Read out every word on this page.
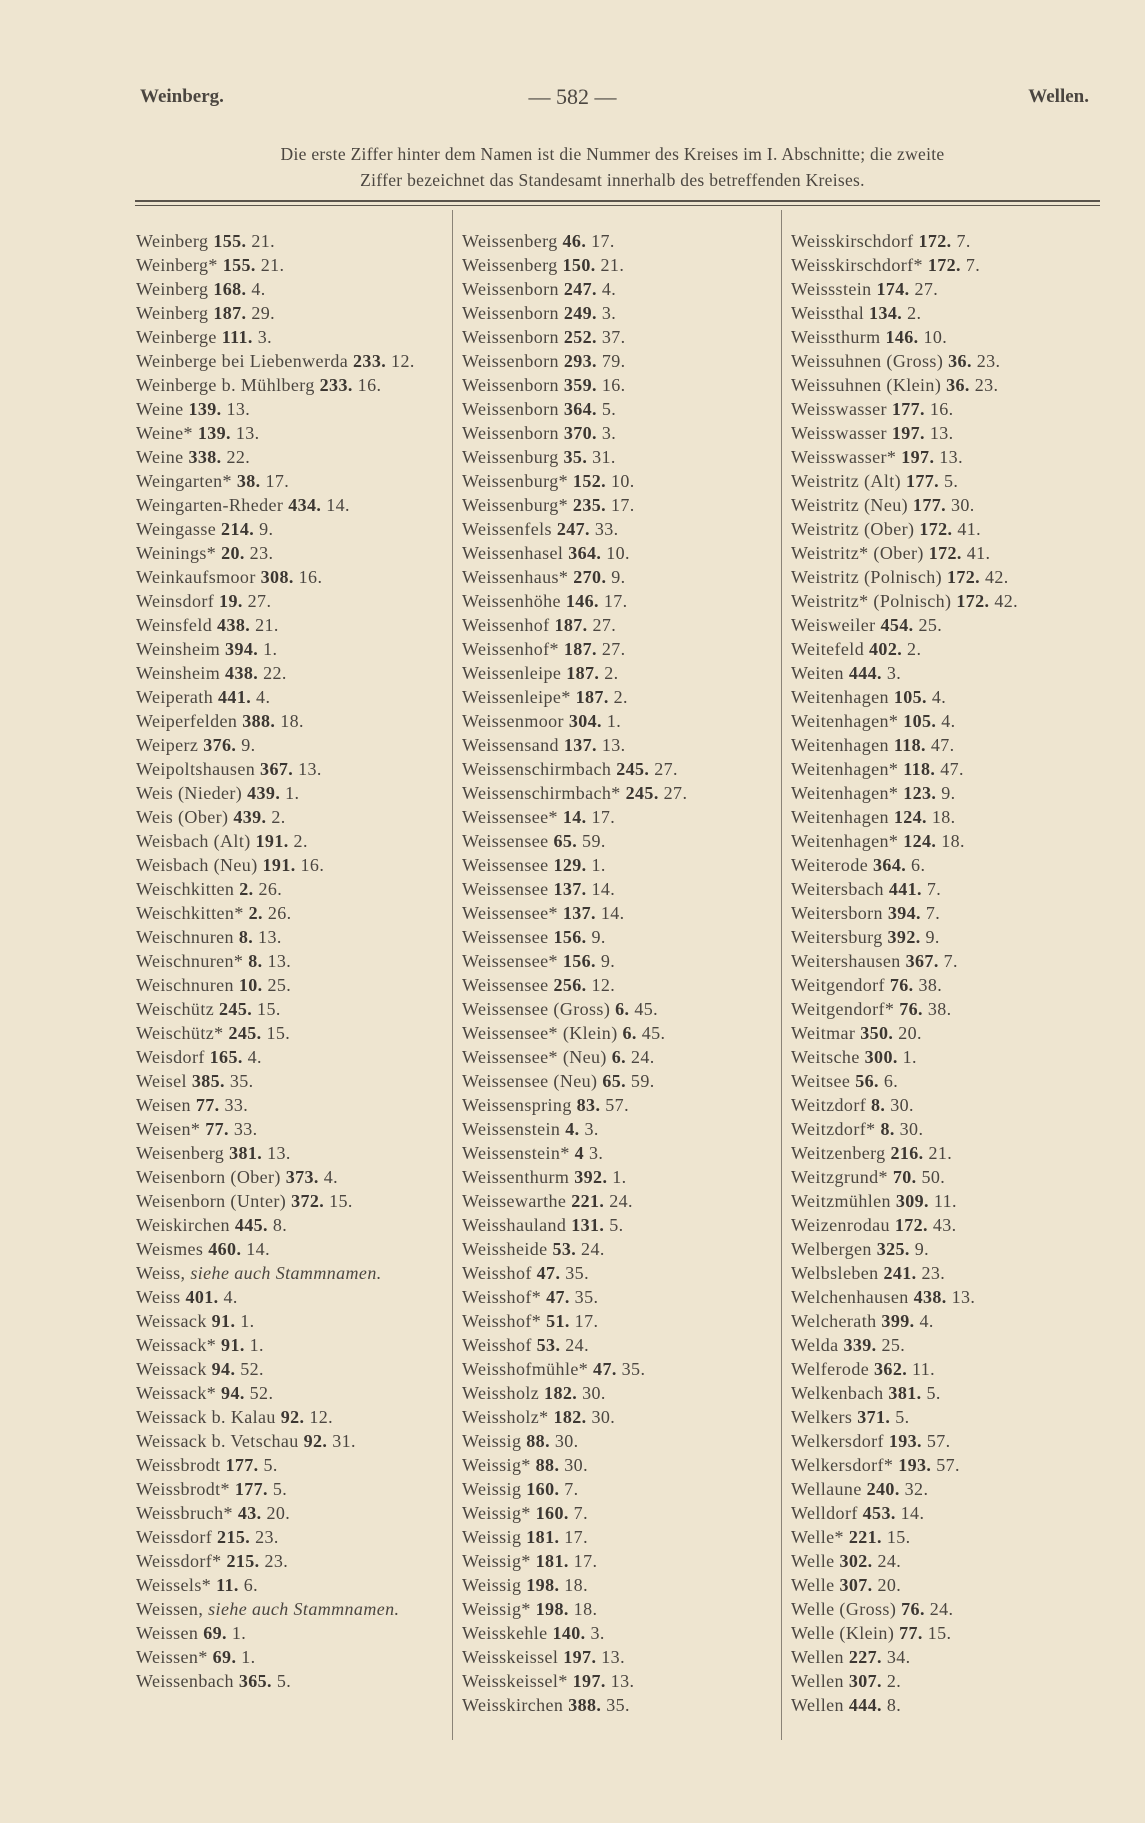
Weinberg.	— 582 —	Wellen.
Die erste Ziffer hinter dem Namen ist die Nummer des Kreises im I. Abschnitte; die zweite
Ziffer bezeichnet das Standesamt innerhalb des betreffenden Kreises.
Weinberg 155. 21.
Weinberg* 155. 21.
Weinberg 168. 4.
Weinberg 187. 29.
Weinberge 111. 3.
Weinberge bei Liebenwerda 233. 12.
Weinberge b. Mühlberg 233. 16.
Weine 139. 13.
Weine* 139. 13.
Weine 338. 22.
Weingarten* 38. 17.
Weingarten-Rheder 434. 14.
Weingasse 214. 9.
Weinings* 20. 23.
Weinkaufsmoor 308. 16.
Weinsdorf 19. 27.
Weinsfeld 438. 21.
Weinsheim 394. 1.
Weinsheim 438. 22.
Weiperath 441. 4.
Weiperfelden 388. 18.
Weiperz 376. 9.
Weipoltshausen 367. 13.
Weis (Nieder) 439. 1.
Weis (Ober) 439. 2.
Weisbach (Alt) 191. 2.
Weisbach (Neu) 191. 16.
Weischkitten 2. 26.
Weischkitten* 2. 26.
Weischnuren 8. 13.
Weischnuren* 8. 13.
Weischnuren 10. 25.
Weischütz 245. 15.
Weischütz* 245. 15.
Weisdorf 165. 4.
Weisel 385. 35.
Weisen 77. 33.
Weisen* 77. 33.
Weisenberg 381. 13.
Weisenborn (Ober) 373. 4.
Weisenborn (Unter) 372. 15.
Weiskirchen 445. 8.
Weismes 460. 14.
Weiss, siehe auch Stammnamen.
Weiss 401. 4.
Weissack 91. 1.
Weissack* 91. 1.
Weissack 94. 52.
Weissack* 94. 52.
Weissack b. Kalau 92. 12.
Weissack b. Vetschau 92. 31.
Weissbrodt 177. 5.
Weissbrodt* 177. 5.
Weissbruch* 43. 20.
Weissdorf 215. 23.
Weissdorf* 215. 23.
Weissels* 11. 6.
Weissen, siehe auch Stammnamen.
Weissen 69. 1.
Weissen* 69. 1.
Weissenbach 365. 5.
Weissenberg 46. 17.
Weissenberg 150. 21.
Weissenborn 247. 4.
Weissenborn 249. 3.
Weissenborn 252. 37.
Weissenborn 293. 79.
Weissenborn 359. 16.
Weissenborn 364. 5.
Weissenborn 370. 3.
Weissenburg 35. 31.
Weissenburg* 152. 10.
Weissenburg* 235. 17.
Weissenfels 247. 33.
Weissenhasel 364. 10.
Weissenhaus* 270. 9.
Weissenhöhe 146. 17.
Weissenhof 187. 27.
Weissenhof* 187. 27.
Weissenleipe 187. 2.
Weissenleipe* 187. 2.
Weissenmoor 304. 1.
Weissensand 137. 13.
Weissenschirmbach 245. 27.
Weissenschirmbach* 245. 27.
Weissensee* 14. 17.
Weissensee 65. 59.
Weissensee 129. 1.
Weissensee 137. 14.
Weissensee* 137. 14.
Weissensee 156. 9.
Weissensee* 156. 9.
Weissensee 256. 12.
Weissensee (Gross) 6. 45.
Weissensee* (Klein) 6. 45.
Weissensee* (Neu) 6. 24.
Weissensee (Neu) 65. 59.
Weissenspring 83. 57.
Weissenstein 4. 3.
Weissenstein* 4 3.
Weissenthurm 392. 1.
Weissewarthe 221. 24.
Weisshauland 131. 5.
Weissheide 53. 24.
Weisshof 47. 35.
Weisshof* 47. 35.
Weisshof* 51. 17.
Weisshof 53. 24.
Weisshofmühle* 47. 35.
Weissholz 182. 30.
Weissholz* 182. 30.
Weissig 88. 30.
Weissig* 88. 30.
Weissig 160. 7.
Weissig* 160. 7.
Weissig 181. 17.
Weissig* 181. 17.
Weissig 198. 18.
Weissig* 198. 18.
Weisskehle 140. 3.
Weisskeissel 197. 13.
Weisskeissel* 197. 13.
Weisskirchen 388. 35.
Weisskirschdorf 172. 7.
Weisskirschdorf* 172. 7.
Weissstein 174. 27.
Weissthal 134. 2.
Weissthurm 146. 10.
Weissuhnen (Gross) 36. 23.
Weissuhnen (Klein) 36. 23.
Weisswasser 177. 16.
Weisswasser 197. 13.
Weisswasser* 197. 13.
Weistritz (Alt) 177. 5.
Weistritz (Neu) 177. 30.
Weistritz (Ober) 172. 41.
Weistritz* (Ober) 172. 41.
Weistritz (Polnisch) 172. 42.
Weistritz* (Polnisch) 172. 42.
Weisweiler 454. 25.
Weitefeld 402. 2.
Weiten 444. 3.
Weitenhagen 105. 4.
Weitenhagen* 105. 4.
Weitenhagen 118. 47.
Weitenhagen* 118. 47.
Weitenhagen* 123. 9.
Weitenhagen 124. 18.
Weitenhagen* 124. 18.
Weiterode 364. 6.
Weitersbach 441. 7.
Weitersborn 394. 7.
Weitersburg 392. 9.
Weitershausen 367. 7.
Weitgendorf 76. 38.
Weitgendorf* 76. 38.
Weitmar 350. 20.
Weitsche 300. 1.
Weitsee 56. 6.
Weitzdorf 8. 30.
Weitzdorf* 8. 30.
Weitzenberg 216. 21.
Weitzgrund* 70. 50.
Weitzmühlen 309. 11.
Weizenrodau 172. 43.
Welbergen 325. 9.
Welbsleben 241. 23.
Welchenhausen 438. 13.
Welcherath 399. 4.
Welda 339. 25.
Welferode 362. 11.
Welkenbach 381. 5.
Welkers 371. 5.
Welkersdorf 193. 57.
Welkersdorf* 193. 57.
Wellaune 240. 32.
Welldorf 453. 14.
Welle* 221. 15.
Welle 302. 24.
Welle 307. 20.
Welle (Gross) 76. 24.
Welle (Klein) 77. 15.
Wellen 227. 34.
Wellen 307. 2.
Wellen 444. 8.
